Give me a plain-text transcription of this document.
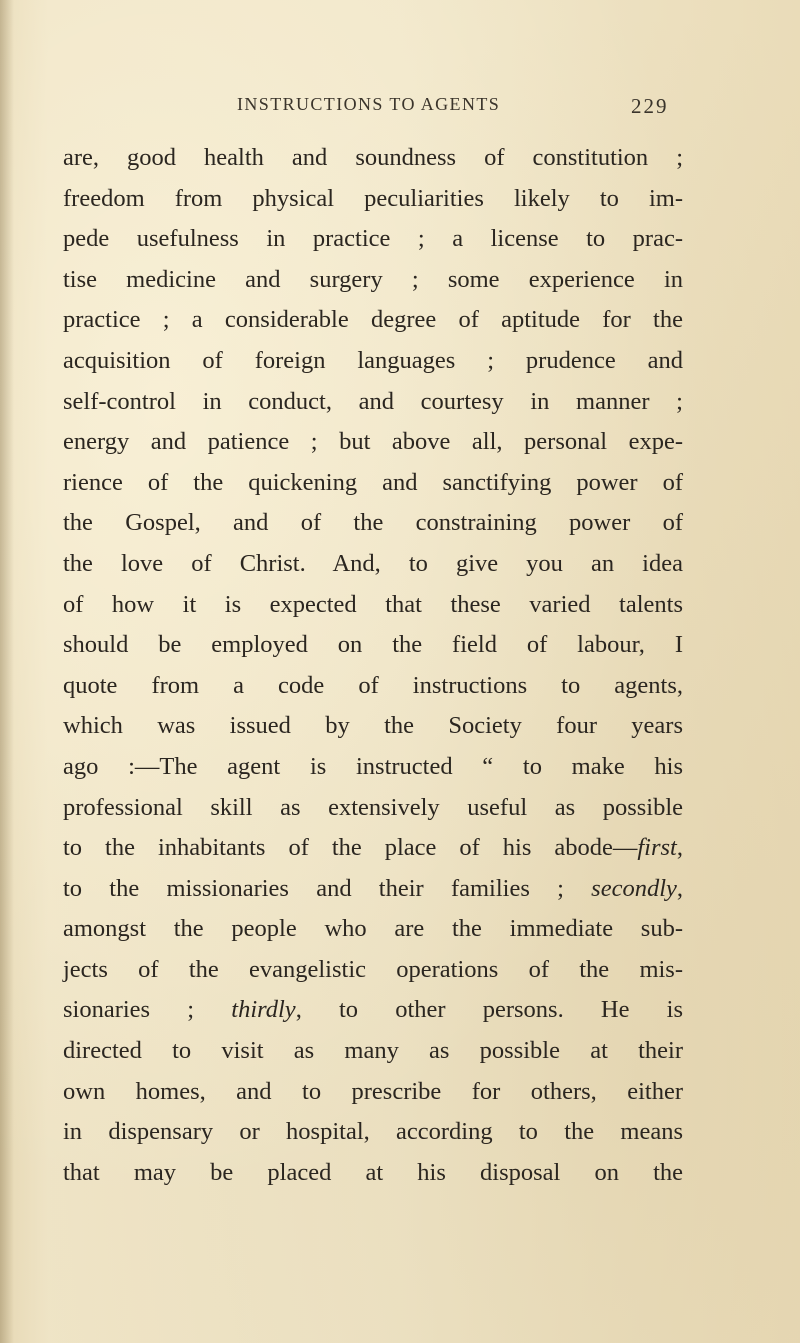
INSTRUCTIONS TO AGENTS	229
are, good health and soundness of constitution ;
freedom from physical peculiarities likely to im-
pede usefulness in practice ; a license to prac-
tise medicine and surgery ; some experience in
practice ; a considerable degree of aptitude for the
acquisition of foreign languages ; prudence and
self-control in conduct, and courtesy in manner ;
energy and patience ; but above all, personal expe-
rience of the quickening and sanctifying power of
the Gospel, and of the constraining power of
the love of Christ. And, to give you an idea
of how it is expected that these varied talents
should be employed on the field of labour, I
quote from a code of instructions to agents,
which was issued by the Society four years
ago :—The agent is instructed “ to make his
professional skill as extensively useful as possible
to the inhabitants of the place of his abode—first,
to the missionaries and their families ; secondly,
amongst the people who are the immediate sub-
jects of the evangelistic operations of the mis-
sionaries ; thirdly, to other persons. He is
directed to visit as many as possible at their
own homes, and to prescribe for others, either
in dispensary or hospital, according to the means
that may be placed at his disposal on the
